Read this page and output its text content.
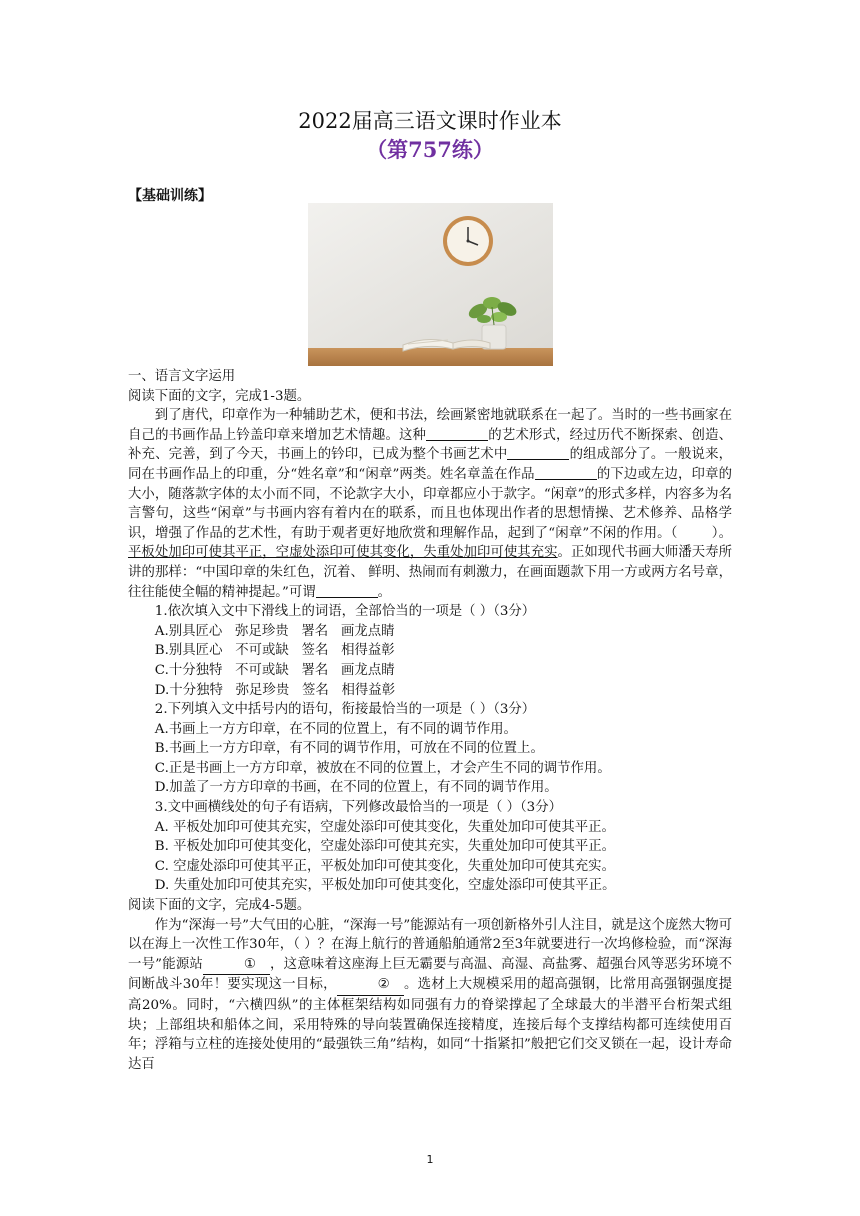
2022届高三语文课时作业本
（第757练）
【基础训练】

一、语言文字运用

阅读下面的文字，完成1-3题。

到了唐代，印章作为一种辅助艺术，便和书法，绘画紧密地就联系在一起了。当时的一些书画家在自己的书画作品上钤盖印章来增加艺术情趣。这种	的艺术形式，经过历代不断探索、创造、补充、完善，到了今天，书画上的钤印，已成为整个书画艺术中	的组成部分了。一般说来，同在书画作品上的印重，分“姓名章”和“闲章”两类。姓名章盖在作品	的下边或左边，印章的大小，随落款字体的太小而不同，不论款字大小，印章都应小于款字。“闲章”的形式多样，内容多为名言警句，这些“闲章”与书画内容有着内在的联系，而且也体现出作者的思想情操、艺术修养、品格学识，增强了作品的艺术性，有助于观者更好地欣赏和理解作品，起到了“闲章”不闲的作用。（	）。平板处加印可使其平正，空虚处添印可使其变化，失重处加印可使其充实。正如现代书画大师潘天寿所讲的那样：“中国印章的朱红色，沉着、 鲜明、热闹而有刺激力，在画面题款下用一方或两方名号章，往往能使全幅的精神提起。”可谓	。

1.依次填入文中下滑线上的词语，全部恰当的一项是（ ）（3分）

A.别具匠心   弥足珍贵   署名   画龙点睛

B.别具匠心   不可或缺   签名   相得益彰

C.十分独特   不可或缺   署名   画龙点睛

D.十分独特   弥足珍贵   签名   相得益彰

2.下列填入文中括号内的语句，衔接最恰当的一项是（ ）（3分）

A.书画上一方方印章，在不同的位置上，有不同的调节作用。

B.书画上一方方印章，有不同的调节作用，可放在不同的位置上。

C.正是书画上一方方印章，被放在不同的位置上，才会产生不同的调节作用。

D.加盖了一方方印章的书画，在不同的位置上，有不同的调节作用。

3.文中画横线处的句子有语病，下列修改最恰当的一项是（ ）（3分）

A. 平板处加印可使其充实，空虚处添印可使其变化，失重处加印可使其平正。

B. 平板处加印可使其变化，空虚处添印可使其充实，失重处加印可使其平正。

C. 空虚处添印可使其平正，平板处加印可使其变化，失重处加印可使其充实。

D. 失重处加印可使其充实，平板处加印可使其变化，空虚处添印可使其平正。

阅读下面的文字，完成4-5题。

作为“深海一号”大气田的心脏，“深海一号”能源站有一项创新格外引人注目，就是这个庞然大物可以在海上一次性工作30年，（ ）？在海上航行的普通船舶通常2至3年就要进行一次坞修检验，而“深海一号”能源站	① ，这意味着这座海上巨无霸要与高温、高湿、高盐雾、超强台风等恶劣环境不间断战斗30年！要实现这一目标，	② 。选材上大规模采用的超高强钢，比常用高强钢强度提高20%。同时，“六横四纵”的主体框架结构如同强有力的脊梁撑起了全球最大的半潜平台桁架式组块；上部组块和船体之间，采用特殊的导向装置确保连接精度，连接后每个支撑结构都可连续使用百年；浮箱与立柱的连接处使用的“最强铁三角”结构，如同“十指紧扣”般把它们交叉锁在一起，设计寿命达百

1
